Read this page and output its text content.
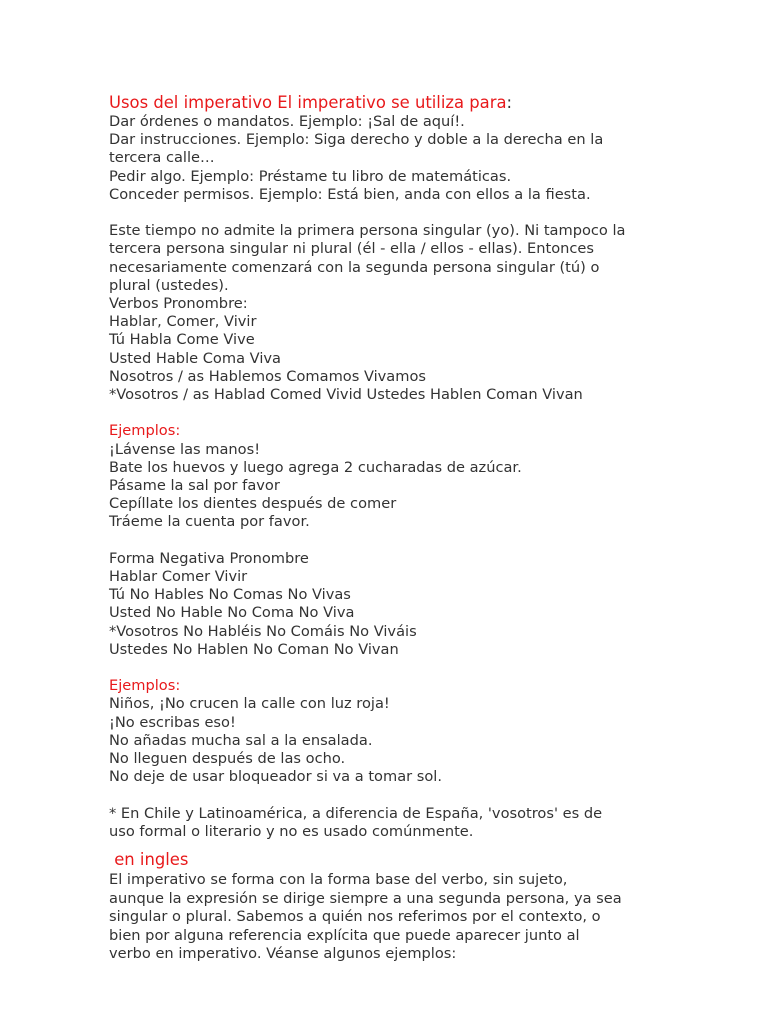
Usos del imperativo El imperativo se utiliza para:
Dar órdenes o mandatos. Ejemplo: ¡Sal de aquí!.
Dar instrucciones. Ejemplo: Siga derecho y doble a la derecha en la
tercera calle…
Pedir algo. Ejemplo: Préstame tu libro de matemáticas.
Conceder permisos. Ejemplo: Está bien, anda con ellos a la fiesta.
Este tiempo no admite la primera persona singular (yo). Ni tampoco la
tercera persona singular ni plural (él - ella / ellos - ellas). Entonces
necesariamente comenzará con la segunda persona singular (tú) o
plural (ustedes).
Verbos Pronombre:
Hablar, Comer, Vivir
Tú Habla Come Vive
Usted Hable Coma Viva
Nosotros / as Hablemos Comamos Vivamos
*Vosotros / as Hablad Comed Vivid Ustedes Hablen Coman Vivan
Ejemplos:
¡Lávense las manos!
Bate los huevos y luego agrega 2 cucharadas de azúcar.
Pásame la sal por favor
Cepíllate los dientes después de comer
Tráeme la cuenta por favor.
Forma Negativa Pronombre
Hablar Comer Vivir
Tú No Hables No Comas No Vivas
Usted No Hable No Coma No Viva
*Vosotros No Habléis No Comáis No Viváis
Ustedes No Hablen No Coman No Vivan
Ejemplos:
Niños, ¡No crucen la calle con luz roja!
¡No escribas eso!
No añadas mucha sal a la ensalada.
No lleguen después de las ocho.
No deje de usar bloqueador si va a tomar sol.
* En Chile y Latinoamérica, a diferencia de España, 'vosotros' es de
uso formal o literario y no es usado comúnmente.
en ingles
El imperativo se forma con la forma base del verbo, sin sujeto,
aunque la expresión se dirige siempre a una segunda persona, ya sea
singular o plural. Sabemos a quién nos referimos por el contexto, o
bien por alguna referencia explícita que puede aparecer junto al
verbo en imperativo. Véanse algunos ejemplos:
